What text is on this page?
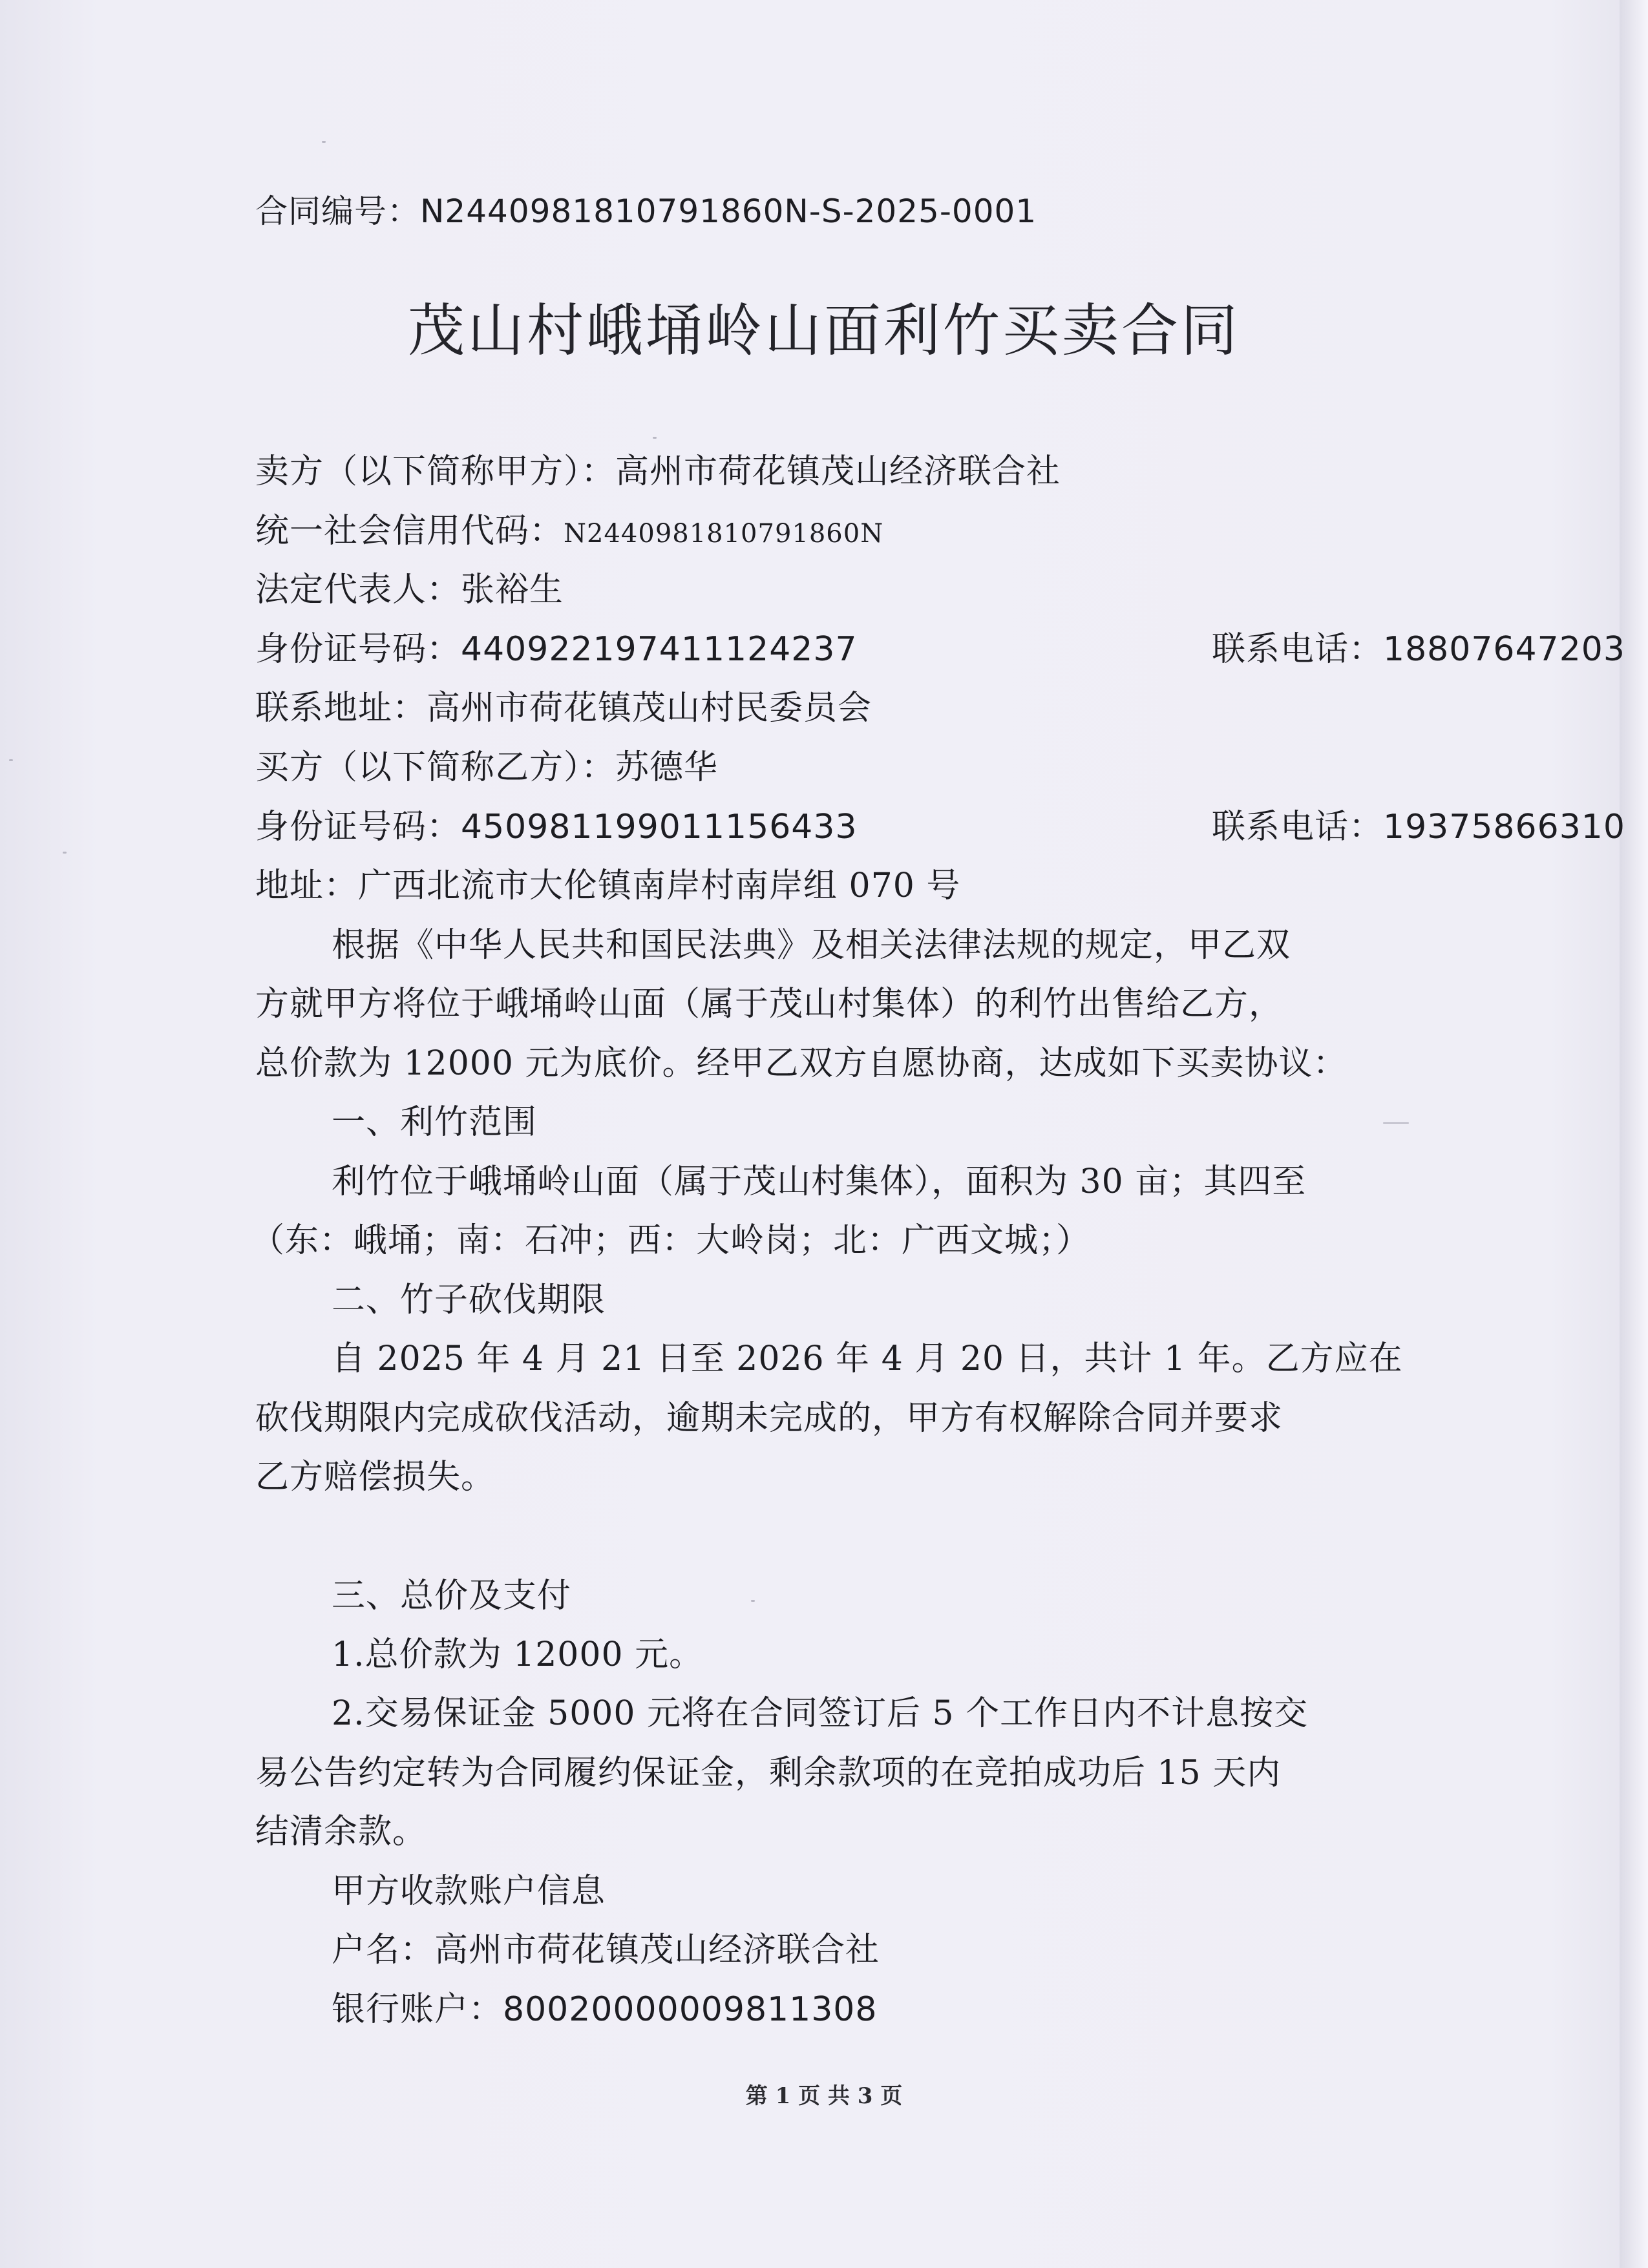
合同编号：N2440981810791860N-S-2025-0001
茂山村峨埇岭山面利竹买卖合同
卖方（以下简称甲方）：高州市荷花镇茂山经济联合社
统一社会信用代码：N2440981810791860N
法定代表人：张裕生
身份证号码：440922197411124237	联系电话：18807647203
联系地址：高州市荷花镇茂山村民委员会
买方（以下简称乙方）：苏德华
身份证号码：450981199011156433	联系电话：19375866310
地址：广西北流市大伦镇南岸村南岸组 070 号
根据《中华人民共和国民法典》及相关法律法规的规定，甲乙双
方就甲方将位于峨埇岭山面（属于茂山村集体）的利竹出售给乙方，
总价款为 12000 元为底价。经甲乙双方自愿协商，达成如下买卖协议：
一、利竹范围
利竹位于峨埇岭山面（属于茂山村集体），面积为 30 亩；其四至
（东：峨埇；南：石冲；西：大岭岗；北：广西文城；）
二、竹子砍伐期限
自 2025 年 4 月 21 日至 2026 年 4 月 20 日，共计 1 年。乙方应在
砍伐期限内完成砍伐活动，逾期未完成的，甲方有权解除合同并要求
乙方赔偿损失。
三、总价及支付
1.总价款为 12000 元。
2.交易保证金 5000 元将在合同签订后 5 个工作日内不计息按交
易公告约定转为合同履约保证金，剩余款项的在竞拍成功后 15 天内
结清余款。
甲方收款账户信息
户名：高州市荷花镇茂山经济联合社
银行账户：80020000009811308
第 1 页 共 3 页
